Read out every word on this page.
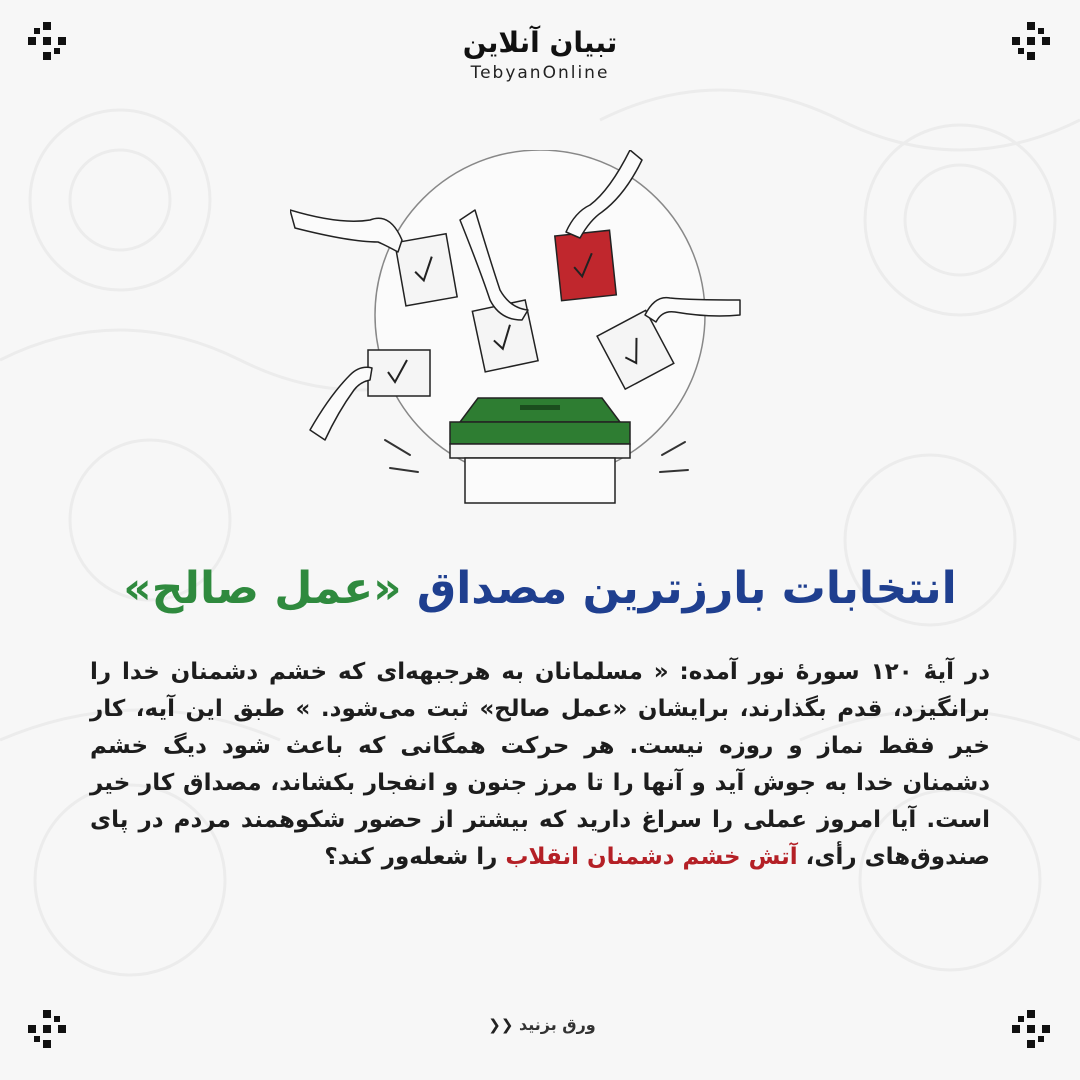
تبیان آنلاین
TebyanOnline
انتخابات بارزترین مصداق «عمل صالح»
در آیۀ ۱۲۰ سورۀ نور آمده: « مسلمانان به هرجبهه‌ای که خشم دشمنان خدا را برانگیزد، قدم بگذارند، برایشان «عمل صالح» ثبت می‌شود. » طبق این آیه، کار خیر فقط نماز و روزه نیست. هر حرکت همگانی که باعث شود دیگ خشم دشمنان خدا به جوش آید و آنها را تا مرز جنون و انفجار بکشاند، مصداق کار خیر است. آیا امروز عملی را سراغ دارید که بیشتر از حضور شکوهمند مردم در پای صندوق‌های رأی، آتش خشم دشمنان انقلاب را شعله‌ور کند؟
ورق بزنید ❮❮
